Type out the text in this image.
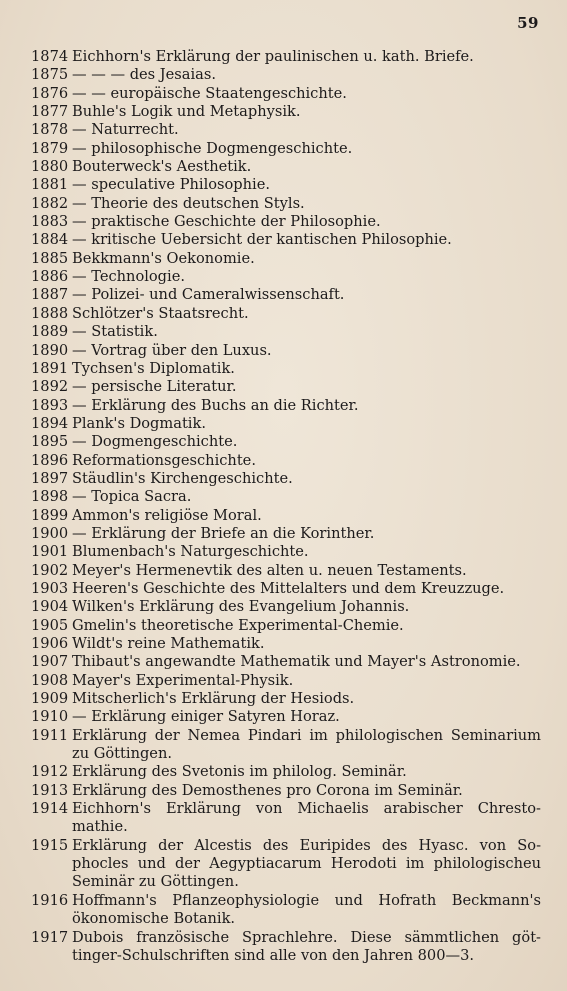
59
1874 Eichhorn's Erklärung der paulinischen u. kath. Briefe.
1875 — — — des Jesaias.
1876 — — europäische Staatengeschichte.
1877 Buhle's Logik und Metaphysik.
1878 — Naturrecht.
1879 — philosophische Dogmengeschichte.
1880 Bouterweck's Aesthetik.
1881 — speculative Philosophie.
1882 — Theorie des deutschen Styls.
1883 — praktische Geschichte der Philosophie.
1884 — kritische Uebersicht der kantischen Philosophie.
1885 Bekkmann's Oekonomie.
1886 — Technologie.
1887 — Polizei- und Cameralwissenschaft.
1888 Schlötzer's Staatsrecht.
1889 — Statistik.
1890 — Vortrag über den Luxus.
1891 Tychsen's Diplomatik.
1892 — persische Literatur.
1893 — Erklärung des Buchs an die Richter.
1894 Plank's Dogmatik.
1895 — Dogmengeschichte.
1896 Reformationsgeschichte.
1897 Stäudlin's Kirchengeschichte.
1898 — Topica Sacra.
1899 Ammon's religiöse Moral.
1900 — Erklärung der Briefe an die Korinther.
1901 Blumenbach's Naturgeschichte.
1902 Meyer's Hermenevtik des alten u. neuen Testaments.
1903 Heeren's Geschichte des Mittelalters und dem Kreuzzuge.
1904 Wilken's Erklärung des Evangelium Johannis.
1905 Gmelin's theoretische Experimental-Chemie.
1906 Wildt's reine Mathematik.
1907 Thibaut's angewandte Mathematik und Mayer's Astronomie.
1908 Mayer's Experimental-Physik.
1909 Mitscherlich's Erklärung der Hesiods.
1910 — Erklärung einiger Satyren Horaz.
1911 Erklärung der Nemea Pindari im philologischen Seminarium zu Göttingen.
1912 Erklärung des Svetonis im philolog. Seminär.
1913 Erklärung des Demosthenes pro Corona im Seminär.
1914 Eichhorn's Erklärung von Michaelis arabischer Chresto-mathie.
1915 Erklärung der Alcestis des Euripides des Hyasc. von So-phocles und der Aegyptiacarum Herodoti im philologischeu Seminär zu Göttingen.
1916 Hoffmann's Pflanzeophysiologie und Hofrath Beckmann's ökonomische Botanik.
1917 Dubois französische Sprachlehre. Diese sämmtlichen göt-tinger-Schulschriften sind alle von den Jahren 800—3.
